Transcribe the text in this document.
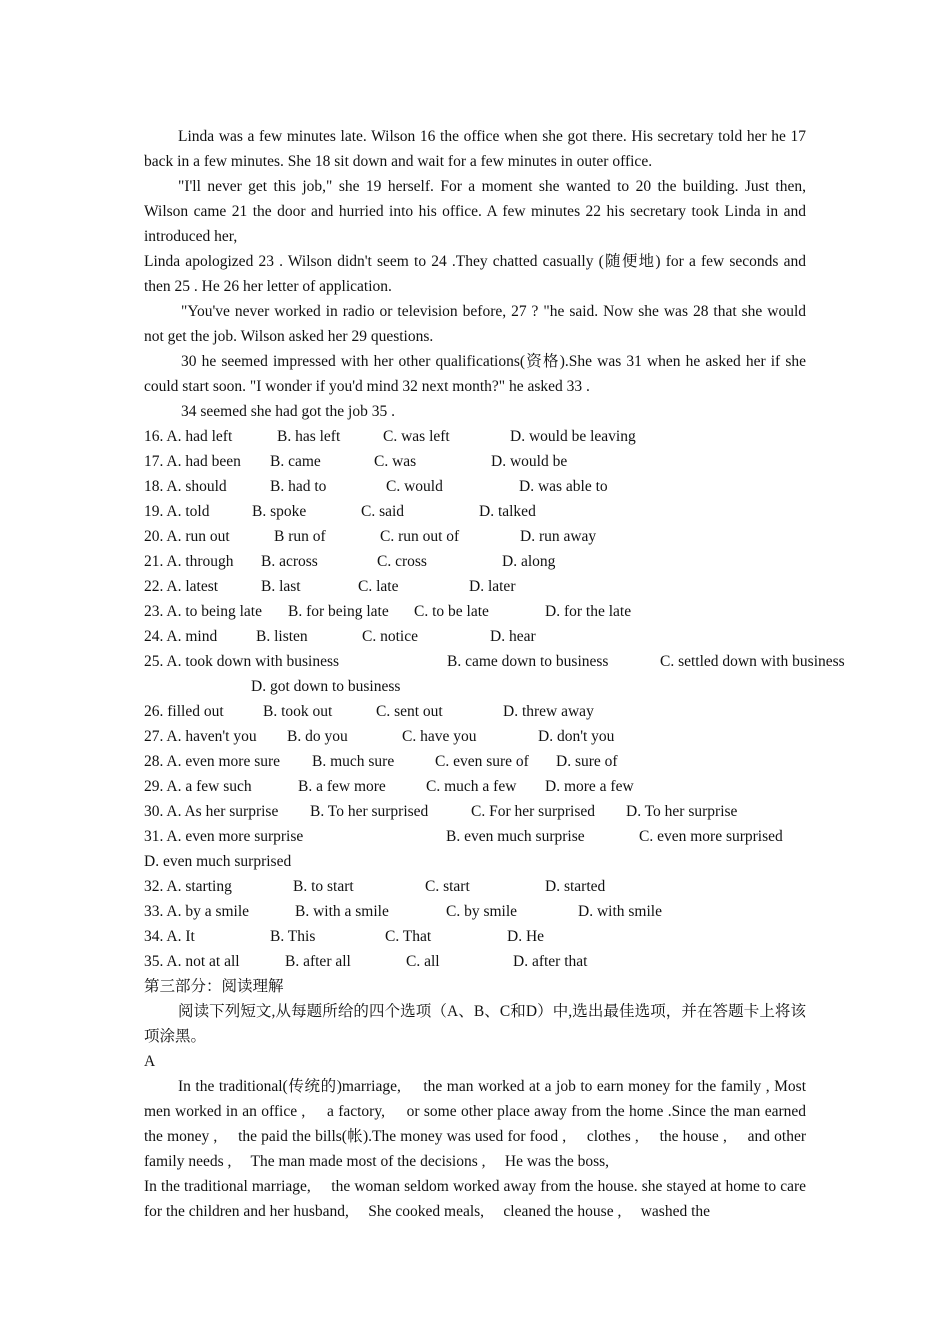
Linda was a few minutes late. Wilson 16 the office when she got there. His secretary told her he 17 back in a few minutes. She 18 sit down and wait for a few minutes in outer office.

"I'll never get this job," she 19 herself. For a moment she wanted to 20 the building. Just then, Wilson came 21 the door and hurried into his office. A few minutes 22 his secretary took Linda in and introduced her,

Linda apologized 23 . Wilson didn't seem to 24 .They chatted casually (随便地) for a few seconds and then 25 . He 26 her letter of application.

"You've never worked in radio or television before, 27 ? "he said. Now she was 28 that she would not get the job. Wilson asked her 29 questions.

30 he seemed impressed with her other qualifications(资格).She was 31 when he asked her if she could start soon. "I wonder if you'd mind 32 next month?" he asked 33 .

34 seemed she had got the job 35 .

16. A. had left	B. has left	C. was left	D. would be leaving
17. A. had been B. came	C. was	D. would be
18. A. should	B. had to	C. would	D. was able to
19. A. told	B. spoke	C. said	D. talked
20. A. run out	B run of	C. run out of	D. run away
21. A. through B. across	C. cross	D. along
22. A. latest	B. last	C. late	D. later
23. A. to being late B. for being late C. to be late	D. for the late
24. A. mind	B. listen	C. notice	D. hear
25. A. took down with business	B. came down to business	C. settled down with business
D. got down to business
26. filled out	B. took out	C. sent out	D. threw away
27. A. haven't you B. do you	C. have you	D. don't you
28. A. even more sure B. much sure	C. even sure of D. sure of
29. A. a few such	B. a few more	C. much a few D. more a few
30. A. As her surprise B. To her surprised	C. For her surprised D. To her surprise
31. A. even more surprise	B. even much surprise	C. even more surprised
D. even much surprised
32. A. starting	B. to start	C. start	D. started
33. A. by a smile	B. with a smile	C. by smile	D. with smile
34. A. It	B. This	C. That	D. He
35. A. not at all	B. after all	C. all	D. after that

第三部分：阅读理解

阅读下列短文,从每题所给的四个选项（A、B、C和D）中,选出最佳选项，并在答题卡上将该项涂黑。

A

In the traditional(传统的)marriage,     the man worked at a job to earn money for the family , Most men worked in an office ,     a factory,     or some other place away from the home .Since the man earned the money ,     the paid the bills(帐).The money was used for food ,     clothes ,     the house ,     and other family needs ,     The man made most of the decisions ,     He was the boss,

In the traditional marriage,     the woman seldom worked away from the house. she stayed at home to care for the children and her husband,     She cooked meals,     cleaned the house ,     washed the
